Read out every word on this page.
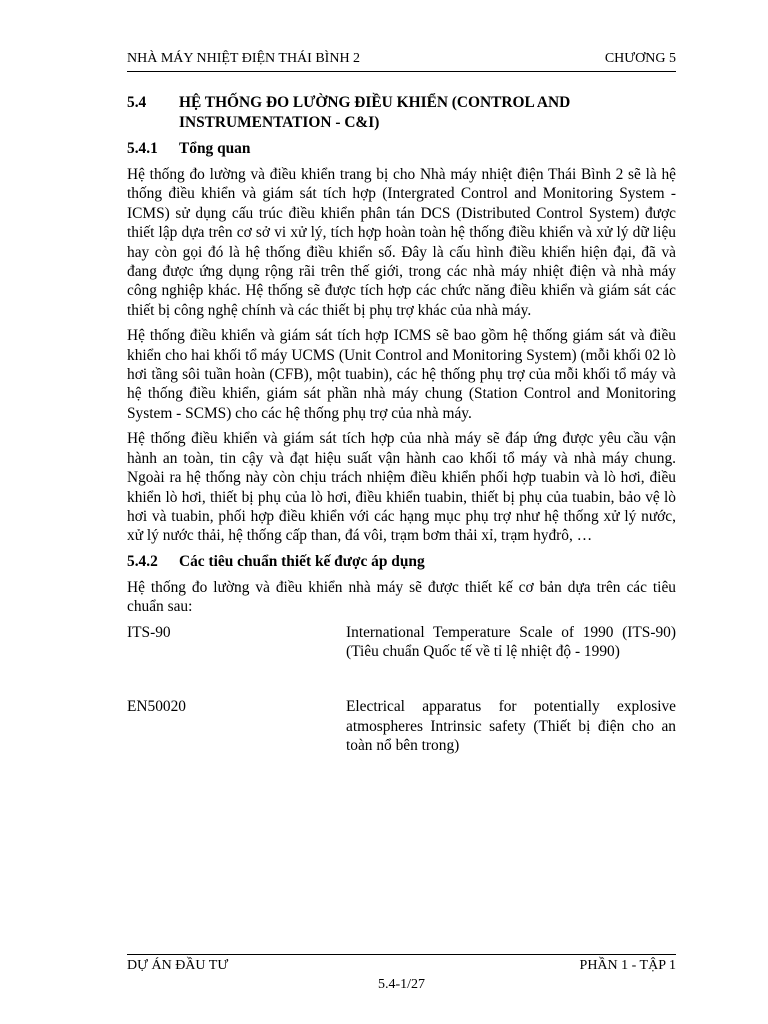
NHÀ MÁY NHIỆT ĐIỆN THÁI BÌNH 2	CHƯƠNG 5
5.4	HỆ THỐNG ĐO LƯỜNG ĐIỀU KHIỂN (CONTROL AND INSTRUMENTATION - C&I)
5.4.1 Tổng quan

Hệ thống đo lường và điều khiển trang bị cho Nhà máy nhiệt điện Thái Bình 2 sẽ là hệ thống điều khiển và giám sát tích hợp (Intergrated Control and Monitoring System - ICMS) sử dụng cấu trúc điều khiển phân tán DCS (Distributed Control System) được thiết lập dựa trên cơ sở vi xử lý, tích hợp hoàn toàn hệ thống điều khiển và xử lý dữ liệu hay còn gọi đó là hệ thống điều khiển số. Đây là cấu hình điều khiển hiện đại, đã và đang được ứng dụng rộng rãi trên thế giới, trong các nhà máy nhiệt điện và nhà máy công nghiệp khác. Hệ thống sẽ được tích hợp các chức năng điều khiển và giám sát các thiết bị công nghệ chính và các thiết bị phụ trợ khác của nhà máy.

Hệ thống điều khiển và giám sát tích hợp ICMS sẽ bao gồm hệ thống giám sát và điều khiển cho hai khối tổ máy UCMS (Unit Control and Monitoring System) (mỗi khối 02 lò hơi tầng sôi tuần hoàn (CFB), một tuabin), các hệ thống phụ trợ của mỗi khối tổ máy và hệ thống điều khiển, giám sát phần nhà máy chung (Station Control and Monitoring System - SCMS) cho các hệ thống phụ trợ của nhà máy.

Hệ thống điều khiển và giám sát tích hợp của nhà máy sẽ đáp ứng được yêu cầu vận hành an toàn, tin cậy và đạt hiệu suất vận hành cao khối tổ máy và nhà máy chung. Ngoài ra hệ thống này còn chịu trách nhiệm điều khiển phối hợp tuabin và lò hơi, điều khiển lò hơi, thiết bị phụ của lò hơi, điều khiển tuabin, thiết bị phụ của tuabin, bảo vệ lò hơi và tuabin, phối hợp điều khiển với các hạng mục phụ trợ như hệ thống xử lý nước, xử lý nước thải, hệ thống cấp than, đá vôi, trạm bơm thải xỉ, trạm hyđrô, …

5.4.2 Các tiêu chuẩn thiết kế được áp dụng

Hệ thống đo lường và điều khiển nhà máy sẽ được thiết kế cơ bản dựa trên các tiêu chuẩn sau:

ITS-90	International Temperature Scale of 1990 (ITS-90) (Tiêu chuẩn Quốc tế về tỉ lệ nhiệt độ - 1990)
EN50020	Electrical apparatus for potentially explosive atmospheres Intrinsic safety (Thiết bị điện cho an toàn nổ bên trong)
DỰ ÁN ĐẦU TƯ	PHẦN 1 - TẬP 1
5.4-1/27
